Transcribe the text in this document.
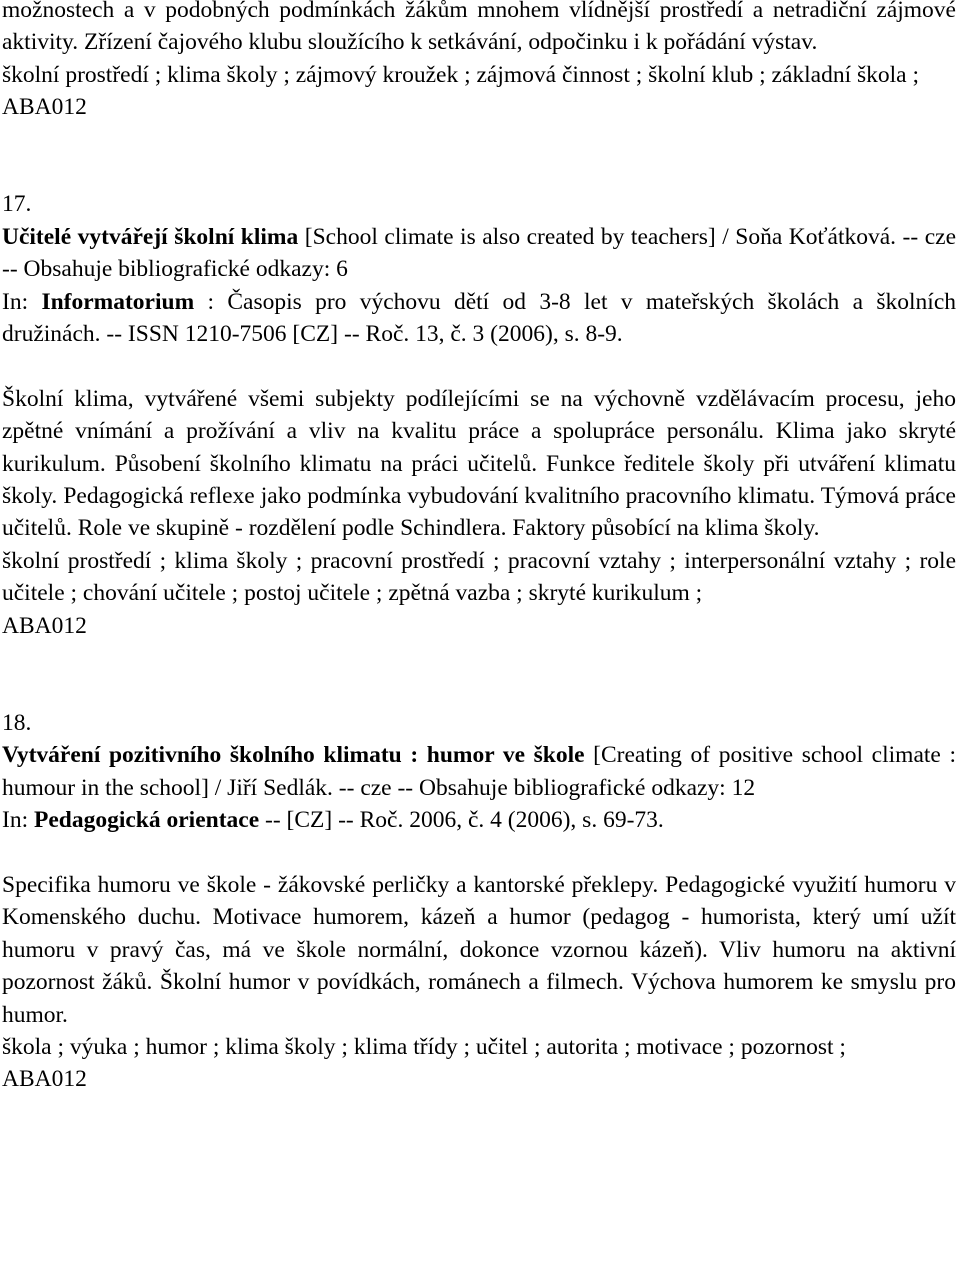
možnostech a v podobných podmínkách žákům mnohem vlídnější prostředí a netradiční zájmové aktivity. Zřízení čajového klubu sloužícího k setkávání, odpočinku i k pořádání výstav.

školní prostředí ; klima školy ; zájmový kroužek ; zájmová činnost ; školní klub ; základní škola ;

ABA012

17.

Učitelé vytvářejí školní klima [School climate is also created by teachers] / Soňa Koťátková. -- cze -- Obsahuje bibliografické odkazy: 6

In: Informatorium : Časopis pro výchovu dětí od 3-8 let v mateřských školách a školních družinách. -- ISSN 1210-7506 [CZ] -- Roč. 13, č. 3 (2006), s. 8-9.

Školní klima, vytvářené všemi subjekty podílejícími se na výchovně vzdělávacím procesu, jeho zpětné vnímání a prožívání a vliv na kvalitu práce a spolupráce personálu. Klima jako skryté kurikulum. Působení školního klimatu na práci učitelů. Funkce ředitele školy při utváření klimatu školy. Pedagogická reflexe jako podmínka vybudování kvalitního pracovního klimatu. Týmová práce učitelů. Role ve skupině - rozdělení podle Schindlera. Faktory působící na klima školy.

školní prostředí ; klima školy ; pracovní prostředí ; pracovní vztahy ; interpersonální vztahy ; role učitele ; chování učitele ; postoj učitele ; zpětná vazba ; skryté kurikulum ;

ABA012

18.

Vytváření pozitivního školního klimatu : humor ve škole [Creating of positive school climate : humour in the school] / Jiří Sedlák. -- cze -- Obsahuje bibliografické odkazy: 12

In: Pedagogická orientace -- [CZ] -- Roč. 2006, č. 4 (2006), s. 69-73.

Specifika humoru ve škole - žákovské perličky a kantorské překlepy. Pedagogické využití humoru v Komenského duchu. Motivace humorem, kázeň a humor (pedagog - humorista, který umí užít humoru v pravý čas, má ve škole normální, dokonce vzornou kázeň). Vliv humoru na aktivní pozornost žáků. Školní humor v povídkách, románech a filmech. Výchova humorem ke smyslu pro humor.

škola ; výuka ; humor ; klima školy ; klima třídy ; učitel ; autorita ; motivace ; pozornost ;

ABA012
